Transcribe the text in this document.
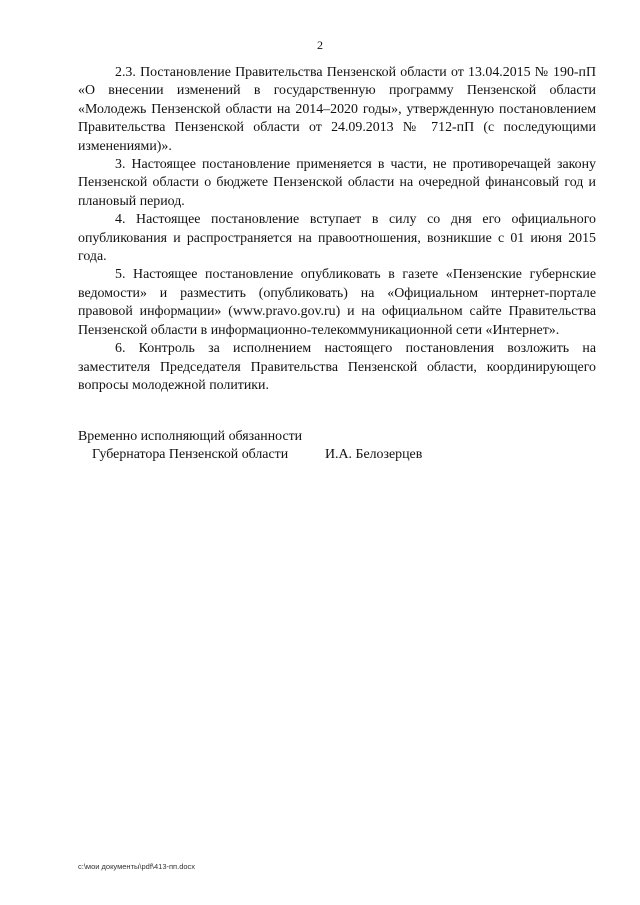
2

2.3. Постановление Правительства Пензенской области от 13.04.2015 № 190-пП «О внесении изменений в государственную программу Пензенской области «Молодежь Пензенской области на 2014–2020 годы», утвержденную постановлением Правительства Пензенской области от 24.09.2013 № 712-пП (с последующими изменениями)».

3. Настоящее постановление применяется в части, не противоречащей закону Пензенской области о бюджете Пензенской области на очередной финансовый год и плановый период.

4. Настоящее постановление вступает в силу со дня его официального опубликования и распространяется на правоотношения, возникшие с 01 июня 2015 года.

5. Настоящее постановление опубликовать в газете «Пензенские губернские ведомости» и разместить (опубликовать) на «Официальном интернет-портале правовой информации» (www.pravo.gov.ru) и на официальном сайте Правительства Пензенской области в информационно-телекоммуникационной сети «Интернет».

6. Контроль за исполнением настоящего постановления возложить на заместителя Председателя Правительства Пензенской области, координирующего вопросы молодежной политики.

Временно исполняющий обязанности
Губернатора Пензенской области	И.А. Белозерцев
c:\мои документы\pdf\413-пп.docx
